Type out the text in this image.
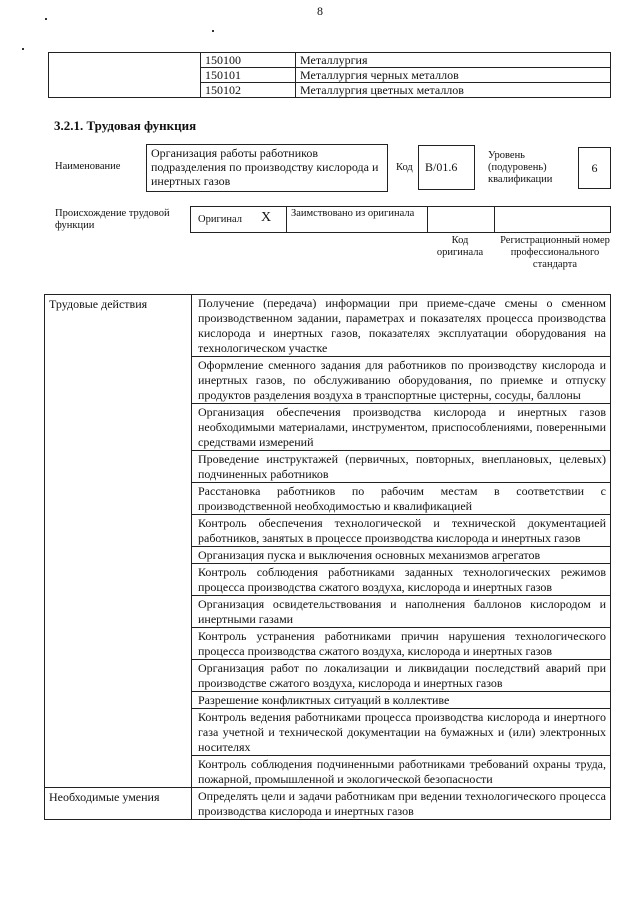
8
	150100	Металлургия
	150101	Металлургия черных металлов
	150102	Металлургия цветных металлов
3.2.1. Трудовая функция
Наименование
Организация работы работников подразделения по производству кислорода и инертных газов
Код	В/01.6
Уровень (подуровень) квалификации
6
Происхождение трудовой функции
Оригинал Х Заимствовано из оригинала
Код оригинала
Регистрационный номер профессионального стандарта
Трудовые действия	Получение (передача) информации при приеме-сдаче смены о сменном производственном задании, параметрах и показателях процесса производства кислорода и инертных газов, показателях эксплуатации оборудования на технологическом участке
	Оформление сменного задания для работников по производству кислорода и инертных газов, по обслуживанию оборудования, по приемке и отпуску продуктов разделения воздуха в транспортные цистерны, сосуды, баллоны
	Организация обеспечения производства кислорода и инертных газов необходимыми материалами, инструментом, приспособлениями, поверенными средствами измерений
	Проведение инструктажей (первичных, повторных, внеплановых, целевых) подчиненных работников
	Расстановка работников по рабочим местам в соответствии с производственной необходимостью и квалификацией
	Контроль обеспечения технологической и технической документацией работников, занятых в процессе производства кислорода и инертных газов
	Организация пуска и выключения основных механизмов агрегатов
	Контроль соблюдения работниками заданных технологических режимов процесса производства сжатого воздуха, кислорода и инертных газов
	Организация освидетельствования и наполнения баллонов кислородом и инертными газами
	Контроль устранения работниками причин нарушения технологического процесса производства сжатого воздуха, кислорода и инертных газов
	Организация работ по локализации и ликвидации последствий аварий при производстве сжатого воздуха, кислорода и инертных газов
	Разрешение конфликтных ситуаций в коллективе
	Контроль ведения работниками процесса производства кислорода и инертного газа учетной и технической документации на бумажных и (или) электронных носителях
	Контроль соблюдения подчиненными работниками требований охраны труда, пожарной, промышленной и экологической безопасности
Необходимые умения	Определять цели и задачи работникам при ведении технологического процесса производства кислорода и инертных газов
